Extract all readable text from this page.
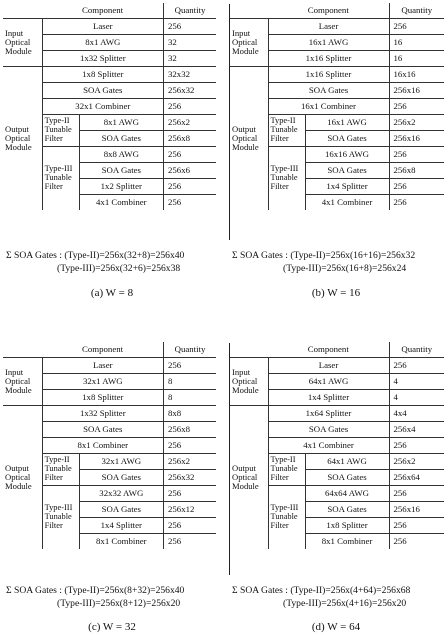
	Component		Quantity
Input Optical Module	Laser		256
	8x1 AWG		32
	1x32 Splitter		32
Output Optical Module	1x8 Splitter		32x32
	SOA Gates		256x32
	32x1 Combiner		256
	Type-II Tunable Filter	8x1 AWG	256x2
		SOA Gates	256x8
	Type-III Tunable Filter	8x8 AWG	256
		SOA Gates	256x6
		1x2 Splitter	256
		4x1 Combiner	256
Σ SOA Gates : (Type-II)=256x(32+8)=256x40
(Type-III)=256x(32+6)=256x38
(a) W = 8
	Component		Quantity
Input Optical Module	Laser		256
	16x1 AWG		16
	1x16 Splitter		16
Output Optical Module	1x16 Splitter		16x16
	SOA Gates		256x16
	16x1 Combiner		256
	Type-II Tunable Filter	16x1 AWG	256x2
		SOA Gates	256x16
	Type-III Tunable Filter	16x16 AWG	256
		SOA Gates	256x8
		1x4 Splitter	256
		4x1 Combiner	256
Σ SOA Gates : (Type-II)=256x(16+16)=256x32
(Type-III)=256x(16+8)=256x24
(b) W = 16
	Component		Quantity
Input Optical Module	Laser		256
	32x1 AWG		8
	1x8 Splitter		8
Output Optical Module	1x32 Splitter		8x8
	SOA Gates		256x8
	8x1 Combiner		256
	Type-II Tunable Filter	32x1 AWG	256x2
		SOA Gates	256x32
	Type-III Tunable Filter	32x32 AWG	256
		SOA Gates	256x12
		1x4 Splitter	256
		8x1 Combiner	256
Σ SOA Gates : (Type-II)=256x(8+32)=256x40
(Type-III)=256x(8+12)=256x20
(c) W = 32
	Component		Quantity
Input Optical Module	Laser		256
	64x1 AWG		4
	1x4 Splitter		4
Output Optical Module	1x64 Splitter		4x4
	SOA Gates		256x4
	4x1 Combiner		256
	Type-II Tunable Filter	64x1 AWG	256x2
		SOA Gates	256x64
	Type-III Tunable Filter	64x64 AWG	256
		SOA Gates	256x16
		1x8 Splitter	256
		8x1 Combiner	256
Σ SOA Gates : (Type-II)=256x(4+64)=256x68
(Type-III)=256x(4+16)=256x20
(d) W = 64
